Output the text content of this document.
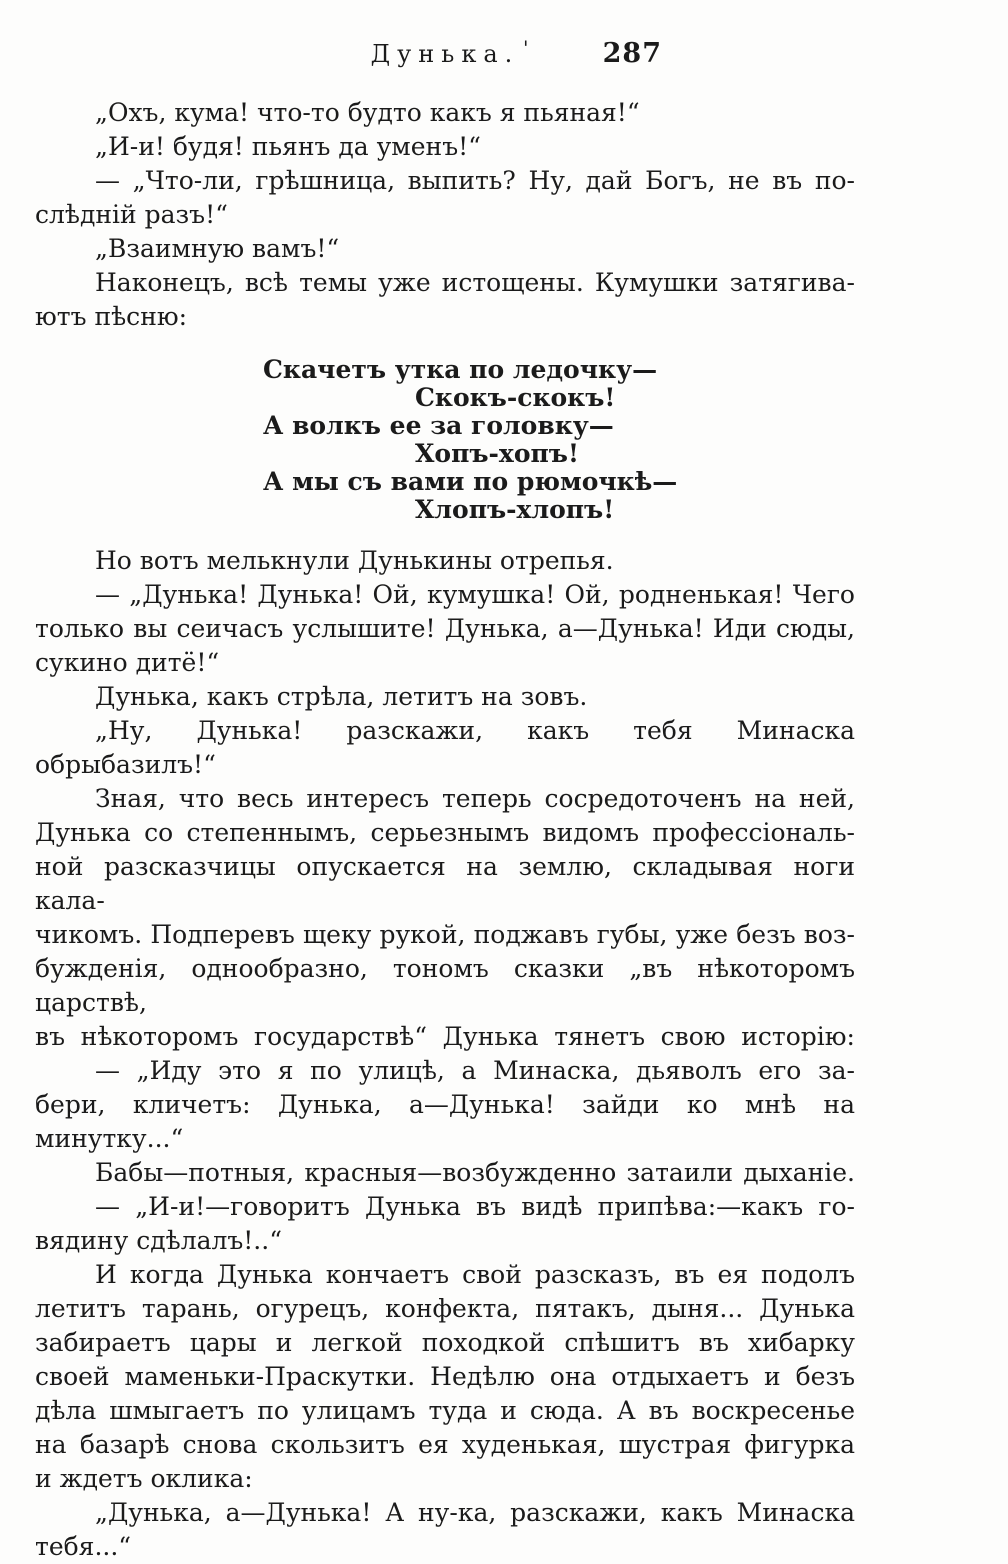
Дунька. '	287
„Охъ, кума! что-то будто какъ я пьяная!“
„И-и! будя! пьянъ да уменъ!“
— „Что-ли, грѣшница, выпить? Ну, дай Богъ, не въ по-
слѣдній разъ!“
„Взаимную вамъ!“
Наконецъ, всѣ темы уже истощены. Кумушки затягива-
ютъ пѣсню:
Скачетъ утка по ледочку—
Скокъ-скокъ!
А волкъ ее за головку—
Хопъ-хопъ!
А мы съ вами по рюмочкѣ—
Хлопъ-хлопъ!
Но вотъ мелькнули Дунькины отрепья.
— „Дунька! Дунька! Ой, кумушка! Ой, родненькая! Чего
только вы сеичасъ услышите! Дунька, а—Дунька! Иди сюды,
сукино дитё!“
Дунька, какъ стрѣла, летитъ на зовъ.
„Ну, Дунька! разскажи, какъ тебя Минаска обрыбазилъ!“
Зная, что весь интересъ теперь сосредоточенъ на ней,
Дунька со степеннымъ, серьезнымъ видомъ профессіональ-
ной разсказчицы опускается на землю, складывая ноги кала-
чикомъ. Подперевъ щеку рукой, поджавъ губы, уже безъ воз-
бужденія, однообразно, тономъ сказки „въ нѣкоторомъ царствѣ,
въ нѣкоторомъ государствѣ“ Дунька тянетъ свою исторію:
— „Иду это я по улицѣ, а Минаска, дьяволъ его за-
бери, кличетъ: Дунька, а—Дунька! зайди ко мнѣ на минутку...“
Бабы—потныя, красныя—возбужденно затаили дыханіе.
— „И-и!—говоритъ Дунька въ видѣ припѣва:—какъ го-
вядину сдѣлалъ!..“
И когда Дунька кончаетъ свой разсказъ, въ ея подолъ
летитъ тарань, огурецъ, конфекта, пятакъ, дыня... Дунька
забираетъ цары и легкой походкой спѣшитъ въ хибарку
своей маменьки-Праскутки. Недѣлю она отдыхаетъ и безъ
дѣла шмыгаетъ по улицамъ туда и сюда. А въ воскресенье
на базарѣ снова скользитъ ея худенькая, шустрая фигурка
и ждетъ оклика:
„Дунька, а—Дунька! А ну-ка, разскажи, какъ Минаска
тебя...“
